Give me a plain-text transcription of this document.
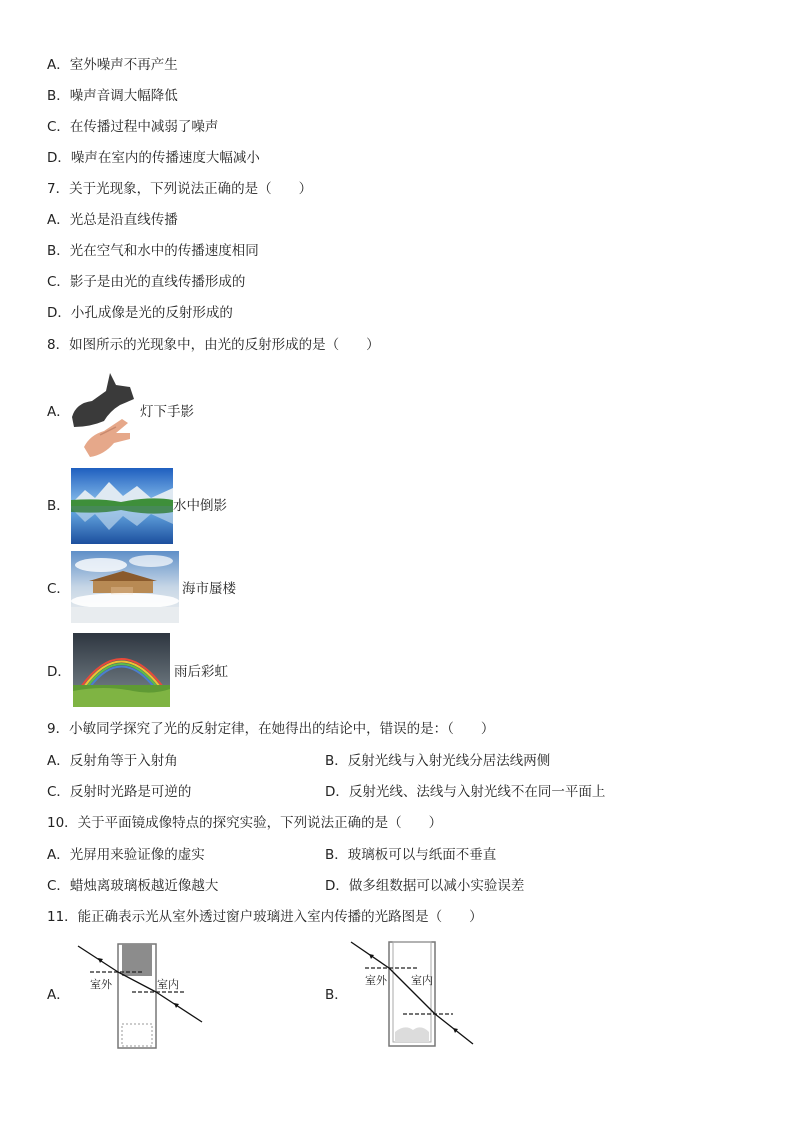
A．室外噪声不再产生
B．噪声音调大幅降低
C．在传播过程中减弱了噪声
D．噪声在室内的传播速度大幅减小
7．关于光现象，下列说法正确的是（　　）
A．光总是沿直线传播
B．光在空气和水中的传播速度相同
C．影子是由光的直线传播形成的
D．小孔成像是光的反射形成的
8．如图所示的光现象中，由光的反射形成的是（　　）
A．	灯下手影
B．	水中倒影
C．	海市蜃楼
D．	雨后彩虹
9．小敏同学探究了光的反射定律，在她得出的结论中，错误的是：（　　）
A．反射角等于入射角	B．反射光线与入射光线分居法线两侧
C．反射时光路是可逆的	D．反射光线、法线与入射光线不在同一平面上
10．关于平面镜成像特点的探究实验，下列说法正确的是（　　）
A．光屏用来验证像的虚实	B．玻璃板可以与纸面不垂直
C．蜡烛离玻璃板越近像越大	D．做多组数据可以减小实验误差
11．能正确表示光从室外透过窗户玻璃进入室内传播的光路图是（　　）
A．
室外	室内
B．
室外 室内
